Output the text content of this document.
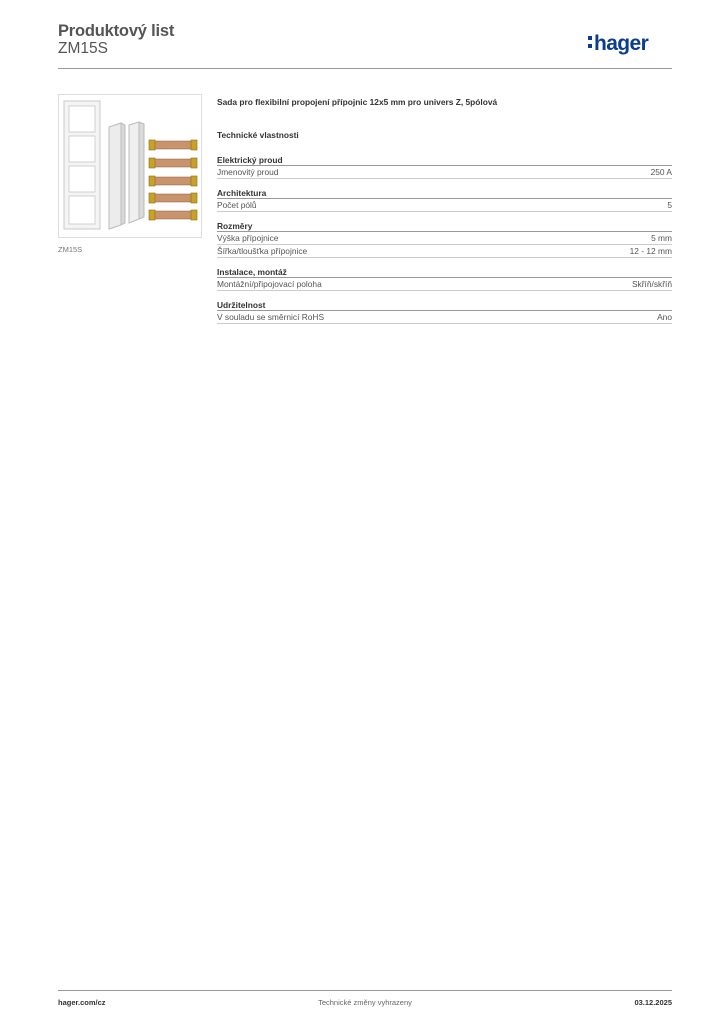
Produktový list
ZM15S	hager
ZM15S
Sada pro flexibilní propojení přípojnic 12x5 mm pro univers Z, 5pólová
Technické vlastnosti
Elektrický proud
Jmenovitý proud	250 A
Architektura
Počet pólů	5
Rozměry
Výška přípojnice	5 mm
Šířka/tloušťka přípojnice	12 - 12 mm
Instalace, montáž
Montážní/připojovací poloha	Skříň/skříň
Udržitelnost
V souladu se směrnicí RoHS	Ano
hager.com/cz	Technické změny vyhrazeny	03.12.2025
